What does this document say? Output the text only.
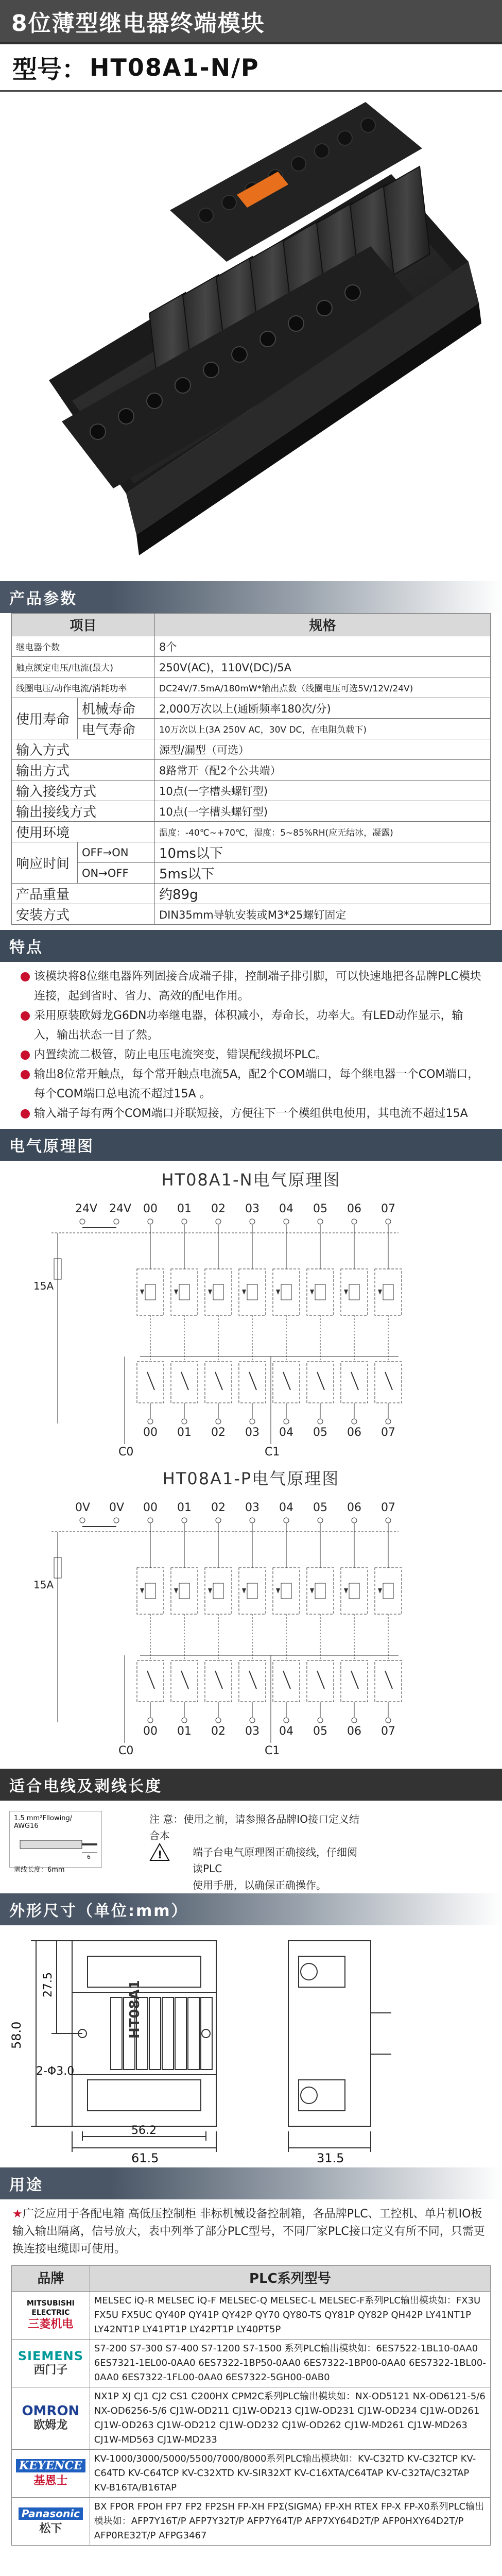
8位薄型继电器终端模块
型号： HT08A1-N/P
产品参数
项目		规格
继电器个数		8个
触点额定电压/电流(最大)		250V(AC)，110V(DC)/5A
线圈电压/动作电流/消耗功率		DC24V/7.5mA/180mW*输出点数（线圈电压可选5V/12V/24V)
使用寿命	机械寿命	2,000万次以上(通断频率180次/分)
	电气寿命	10万次以上(3A 250V AC，30V DC，在电阻负载下)
输入方式		源型/漏型（可选）
输出方式		8路常开（配2个公共端）
输入接线方式		10点(一字槽头螺钉型)
输出接线方式		10点(一字槽头螺钉型)
使用环境		温度：-40℃~+70℃，湿度：5~85%RH(应无结冰，凝露)
响应时间	OFF→ON	10ms以下
	ON→OFF	5ms以下
产品重量		约89g
安装方式		DIN35mm导轨安装或M3*25螺钉固定
特点
该模块将8位继电器阵列固接合成端子排，控制端子排引脚，可以快速地把各品牌PLC模块连接，起到省时、省力、高效的配电作用。
采用原装欧姆龙G6DN功率继电器，体积减小，寿命长，功率大。有LED动作显示，输入，输出状态一目了然。
内置续流二极管，防止电压电流突变，错误配线损坏PLC。
输出8位常开触点，每个常开触点电流5A，配2个COM端口，每个继电器一个COM端口，每个COM端口总电流不超过15A 。
输入端子每有两个COM端口并联短接，方便往下一个模组供电使用，其电流不超过15A
电气原理图
HT08A1-N电气原理图
24V 24V 00 01 02 03 04 05 06 07
15A
00 01 02 03 04 05 06 07
C0	C1
HT08A1-P电气原理图
0V 0V 00 01 02 03 04 05 06 07
15A
00 01 02 03 04 05 06 07
C0	C1
适合电线及剥线长度
1.5 mm²Fllowing/ AWG16
6
剥线长度：6mm
注 意：使用之前，请参照各品牌IO接口定义结合本
端子台电气原理图正确接线，仔细阅读PLC
使用手册，以确保正确操作。
!
外形尺寸（单位:mm）
HT08A1
61.5
56.2
58.0
27.5
2-Φ3.0
31.5
用途
★广泛应用于各配电箱 高低压控制柜 非标机械设备控制箱，各品牌PLC、工控机、单片机IO板输入输出隔离，信号放大，表中列举了部分PLC型号，不同厂家PLC接口定义有所不同，只需更换连接电缆即可使用。
品牌	PLC系列型号

MITSUBISHI ELECTRIC
三菱机电	MELSEC iQ-R MELSEC iQ-F MELSEC-Q MELSEC-L MELSEC-F系列PLC输出模块如：FX3U FX5U FX5UC QY40P QY41P QY42P QY70 QY80-TS QY81P QY82P QH42P LY41NT1P LY42NT1P LY41PT1P LY42PT1P LY40PT5P

SIEMENS
西门子	S7-200 S7-300 S7-400 S7-1200 S7-1500 系列PLC输出模块如：6ES7522-1BL10-0AA0 6ES7321-1EL00-0AA0 6ES7322-1BP50-0AA0 6ES7322-1BP00-0AA0 6ES7322-1BL00-0AA0 6ES7322-1FL00-0AA0 6ES7322-5GH00-0AB0

OMRON
欧姆龙	NX1P XJ CJ1 CJ2 CS1 C200HX CPM2C系列PLC输出模块如：NX-OD5121 NX-OD6121-5/6 NX-OD6256-5/6 CJ1W-OD211 CJ1W-OD213 CJ1W-OD231 CJ1W-OD234 CJ1W-OD261 CJ1W-OD263 CJ1W-OD212 CJ1W-OD232 CJ1W-OD262 CJ1W-MD261 CJ1W-MD263 CJ1W-MD563 CJ1W-MD233

KEYENCE
基恩士	KV-1000/3000/5000/5500/7000/8000系列PLC输出模块如：KV-C32TD KV-C32TCP KV-C64TD KV-C64TCP KV-C32XTD KV-SIR32XT KV-C16XTA/C64TAP KV-C32TA/C32TAP KV-B16TA/B16TAP

Panasonic
松下	BX FPOR FPOH FP7 FP2 FP2SH FP-XH FPΣ(SIGMA) FP-XH RTEX FP-X FP-X0系列PLC输出模块如：AFP7Y16T/P AFP7Y32T/P AFP7Y64T/P AFP7XY64D2T/P AFP0HXY64D2T/P AFP0RE32T/P AFPG3467
